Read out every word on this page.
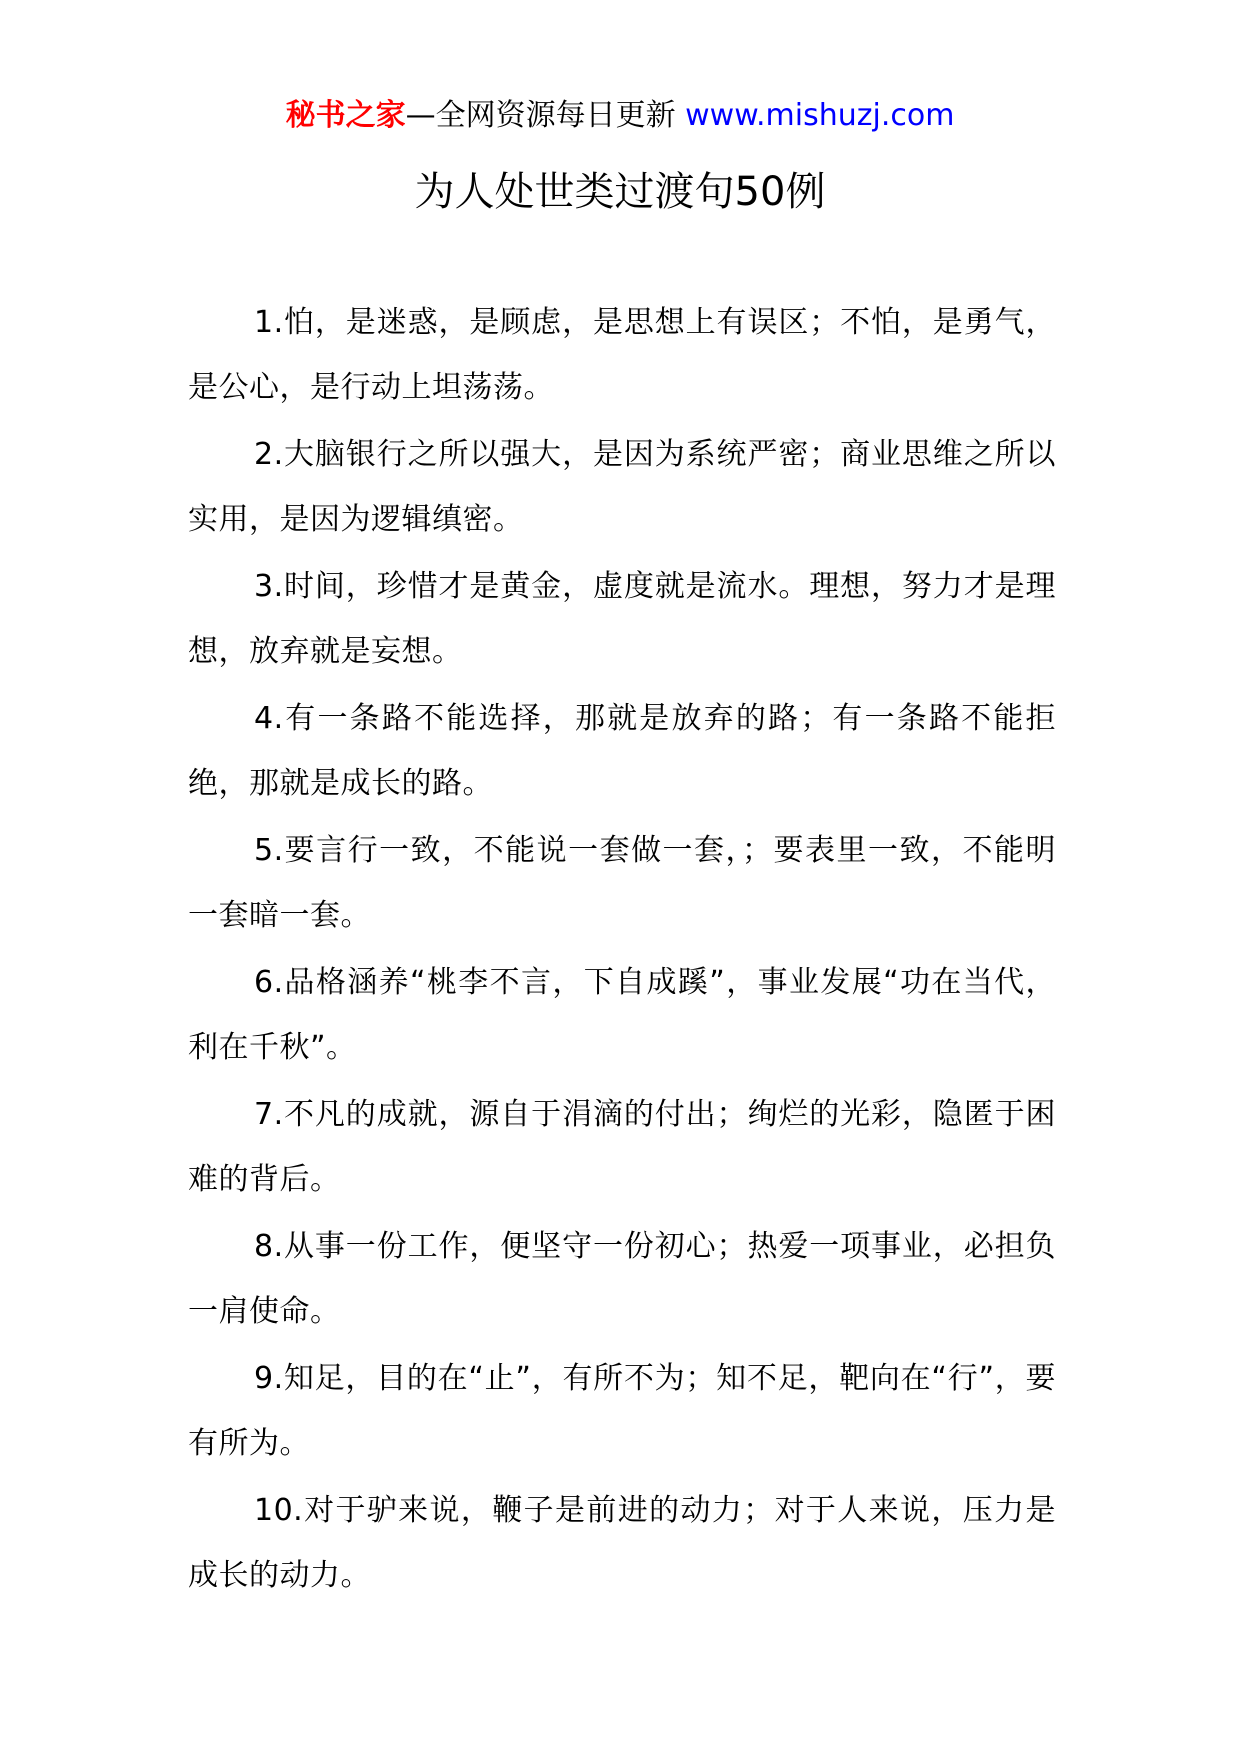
秘书之家—全网资源每日更新 www.mishuzj.com
为人处世类过渡句50例

1.怕，是迷惑，是顾虑，是思想上有误区；不怕，是勇气，是公心，是行动上坦荡荡。

2.大脑银行之所以强大，是因为系统严密；商业思维之所以实用，是因为逻辑缜密。

3.时间，珍惜才是黄金，虚度就是流水。理想，努力才是理想，放弃就是妄想。

4.有一条路不能选择，那就是放弃的路；有一条路不能拒绝，那就是成长的路。

5.要言行一致，不能说一套做一套，；要表里一致，不能明一套暗一套。

6.品格涵养“桃李不言，下自成蹊”，事业发展“功在当代，利在千秋”。

7.不凡的成就，源自于涓滴的付出；绚烂的光彩，隐匿于困难的背后。

8.从事一份工作，便坚守一份初心；热爱一项事业，必担负一肩使命。

9.知足，目的在“止”，有所不为；知不足，靶向在“行”，要有所为。

10.对于驴来说，鞭子是前进的动力；对于人来说，压力是成长的动力。
